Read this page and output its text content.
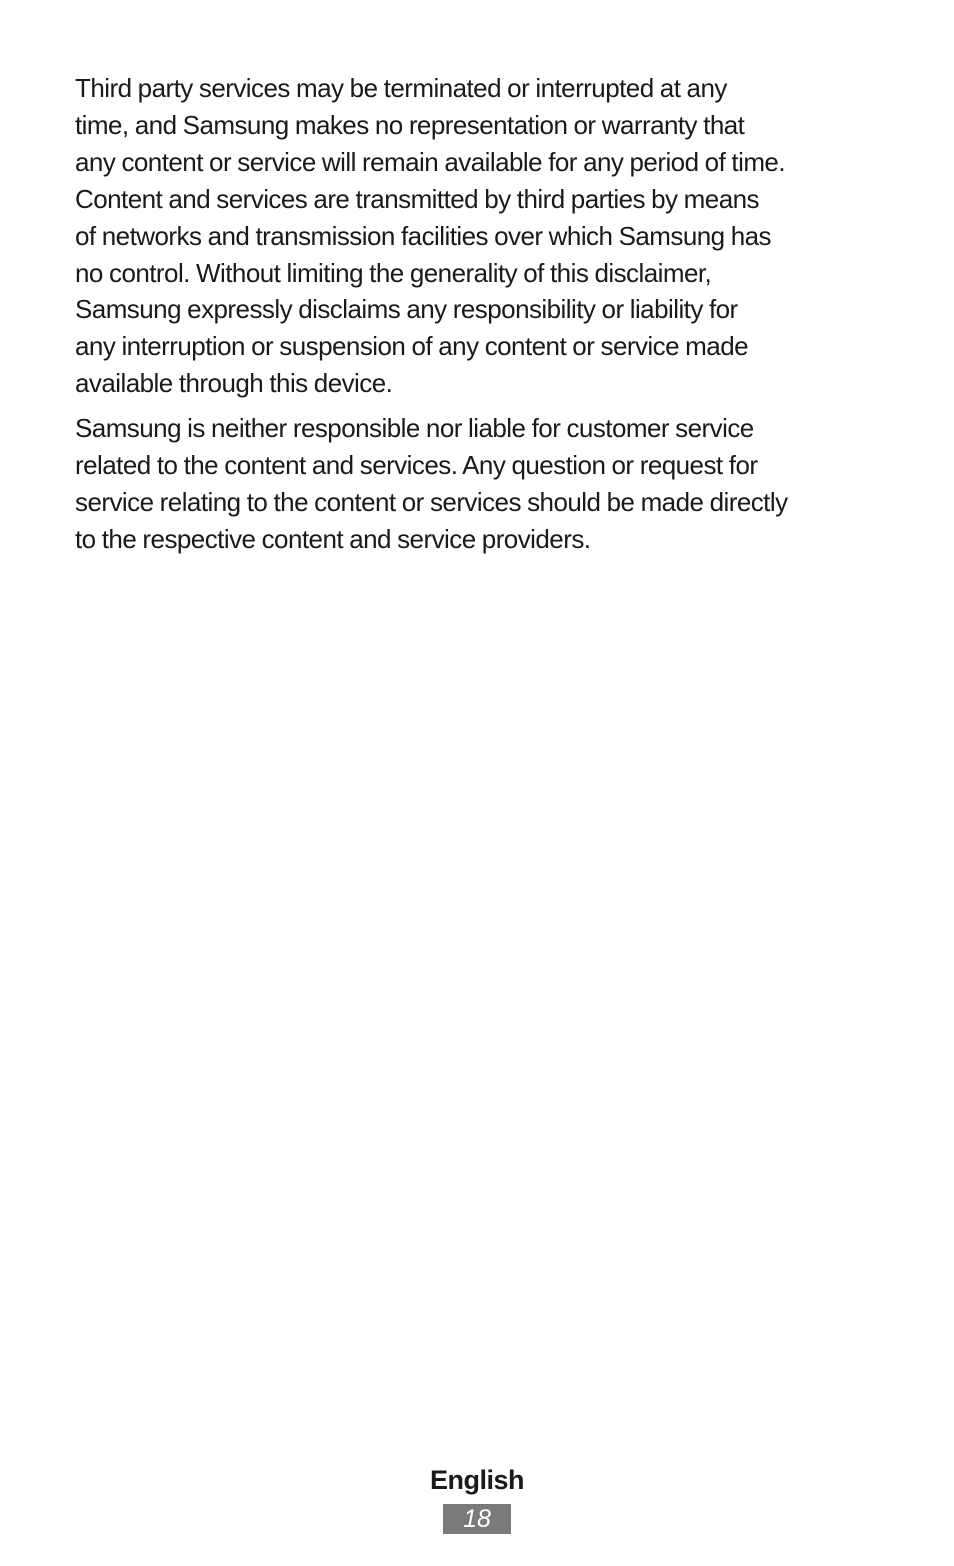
Third party services may be terminated or interrupted at any
time, and Samsung makes no representation or warranty that
any content or service will remain available for any period of time.
Content and services are transmitted by third parties by means
of networks and transmission facilities over which Samsung has
no control. Without limiting the generality of this disclaimer,
Samsung expressly disclaims any responsibility or liability for
any interruption or suspension of any content or service made
available through this device.

Samsung is neither responsible nor liable for customer service
related to the content and services. Any question or request for
service relating to the content or services should be made directly
to the respective content and service providers.

English
18
